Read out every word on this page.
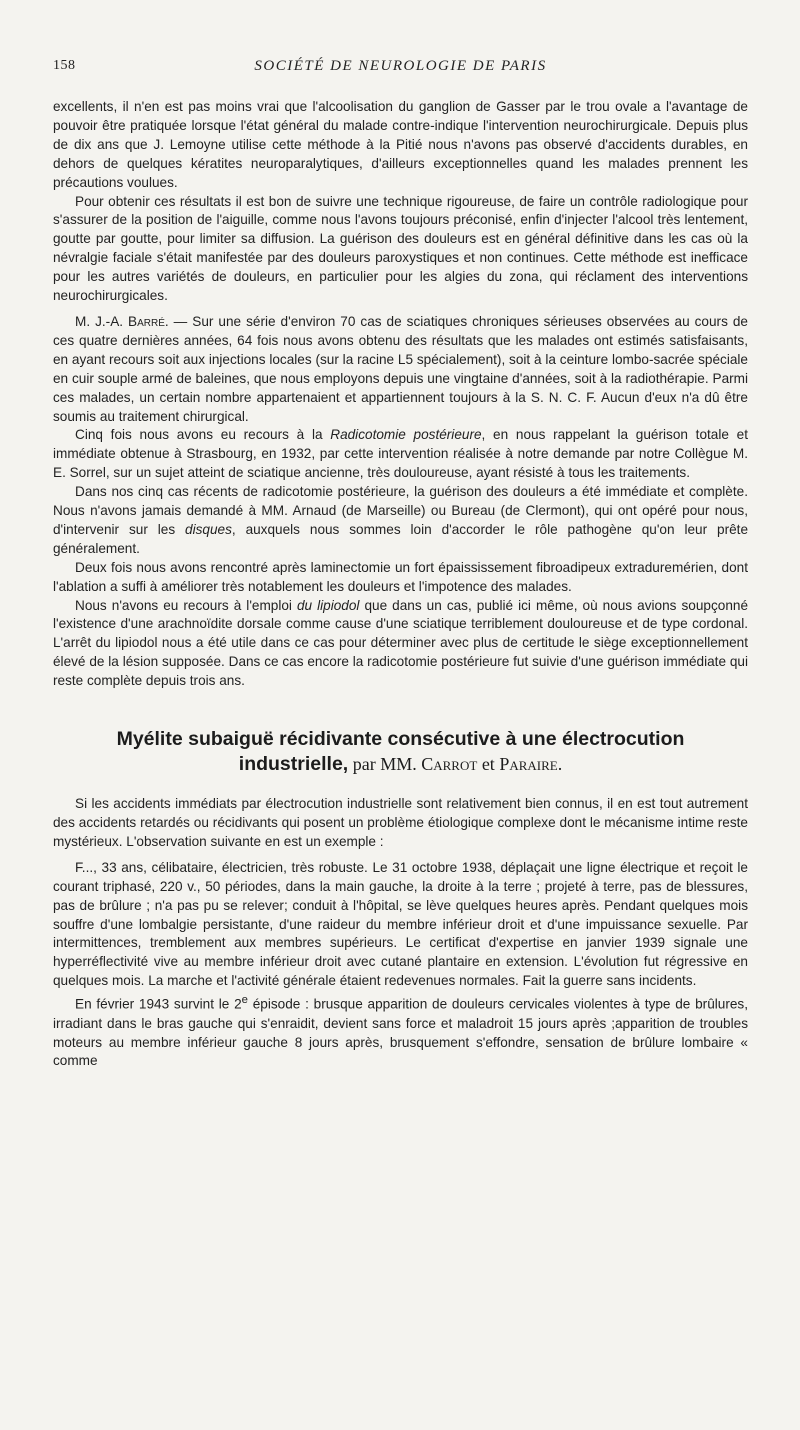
158	SOCIÉTÉ DE NEUROLOGIE DE PARIS

excellents, il n'en est pas moins vrai que l'alcoolisation du ganglion de Gasser par le trou ovale a l'avantage de pouvoir être pratiquée lorsque l'état général du malade contre-indique l'intervention neurochirurgicale. Depuis plus de dix ans que J. Lemoyne utilise cette méthode à la Pitié nous n'avons pas observé d'accidents durables, en dehors de quelques kératites neuroparalytiques, d'ailleurs exceptionnelles quand les malades prennent les précautions voulues.

Pour obtenir ces résultats il est bon de suivre une technique rigoureuse, de faire un contrôle radiologique pour s'assurer de la position de l'aiguille, comme nous l'avons toujours préconisé, enfin d'injecter l'alcool très lentement, goutte par goutte, pour limiter sa diffusion. La guérison des douleurs est en général définitive dans les cas où la névralgie faciale s'était manifestée par des douleurs paroxystiques et non continues. Cette méthode est inefficace pour les autres variétés de douleurs, en particulier pour les algies du zona, qui réclament des interventions neurochirurgicales.

M. J.-A. Barré. — Sur une série d'environ 70 cas de sciatiques chroniques sérieuses observées au cours de ces quatre dernières années, 64 fois nous avons obtenu des résultats que les malades ont estimés satisfaisants, en ayant recours soit aux injections locales (sur la racine L5 spécialement), soit à la ceinture lombo-sacrée spéciale en cuir souple armé de baleines, que nous employons depuis une vingtaine d'années, soit à la radiothérapie. Parmi ces malades, un certain nombre appartenaient et appartiennent toujours à la S. N. C. F. Aucun d'eux n'a dû être soumis au traitement chirurgical.

Cinq fois nous avons eu recours à la Radicotomie postérieure, en nous rappelant la guérison totale et immédiate obtenue à Strasbourg, en 1932, par cette intervention réalisée à notre demande par notre Collègue M. E. Sorrel, sur un sujet atteint de sciatique ancienne, très douloureuse, ayant résisté à tous les traitements.

Dans nos cinq cas récents de radicotomie postérieure, la guérison des douleurs a été immédiate et complète. Nous n'avons jamais demandé à MM. Arnaud (de Marseille) ou Bureau (de Clermont), qui ont opéré pour nous, d'intervenir sur les disques, auxquels nous sommes loin d'accorder le rôle pathogène qu'on leur prête généralement.

Deux fois nous avons rencontré après laminectomie un fort épaississement fibroadipeux extraduremérien, dont l'ablation a suffi à améliorer très notablement les douleurs et l'impotence des malades.

Nous n'avons eu recours à l'emploi du lipiodol que dans un cas, publié ici même, où nous avions soupçonné l'existence d'une arachnoïdite dorsale comme cause d'une sciatique terriblement douloureuse et de type cordonal. L'arrêt du lipiodol nous a été utile dans ce cas pour déterminer avec plus de certitude le siège exceptionnellement élevé de la lésion supposée. Dans ce cas encore la radicotomie postérieure fut suivie d'une guérison immédiate qui reste complète depuis trois ans.

Myélite subaiguë récidivante consécutive à une électrocution
industrielle, par MM. Carrot et Paraire.

Si les accidents immédiats par électrocution industrielle sont relativement bien connus, il en est tout autrement des accidents retardés ou récidivants qui posent un problème étiologique complexe dont le mécanisme intime reste mystérieux. L'observation suivante en est un exemple :

F..., 33 ans, célibataire, électricien, très robuste. Le 31 octobre 1938, déplaçait une ligne électrique et reçoit le courant triphasé, 220 v., 50 périodes, dans la main gauche, la droite à la terre ; projeté à terre, pas de blessures, pas de brûlure ; n'a pas pu se relever; conduit à l'hôpital, se lève quelques heures après. Pendant quelques mois souffre d'une lombalgie persistante, d'une raideur du membre inférieur droit et d'une impuissance sexuelle. Par intermittences, tremblement aux membres supérieurs. Le certificat d'expertise en janvier 1939 signale une hyperréflectivité vive au membre inférieur droit avec cutané plantaire en extension. L'évolution fut régressive en quelques mois. La marche et l'activité générale étaient redevenues normales. Fait la guerre sans incidents.

En février 1943 survint le 2e épisode : brusque apparition de douleurs cervicales violentes à type de brûlures, irradiant dans le bras gauche qui s'enraidit, devient sans force et maladroit 15 jours après ;apparition de troubles moteurs au membre inférieur gauche 8 jours après, brusquement s'effondre, sensation de brûlure lombaire « comme
